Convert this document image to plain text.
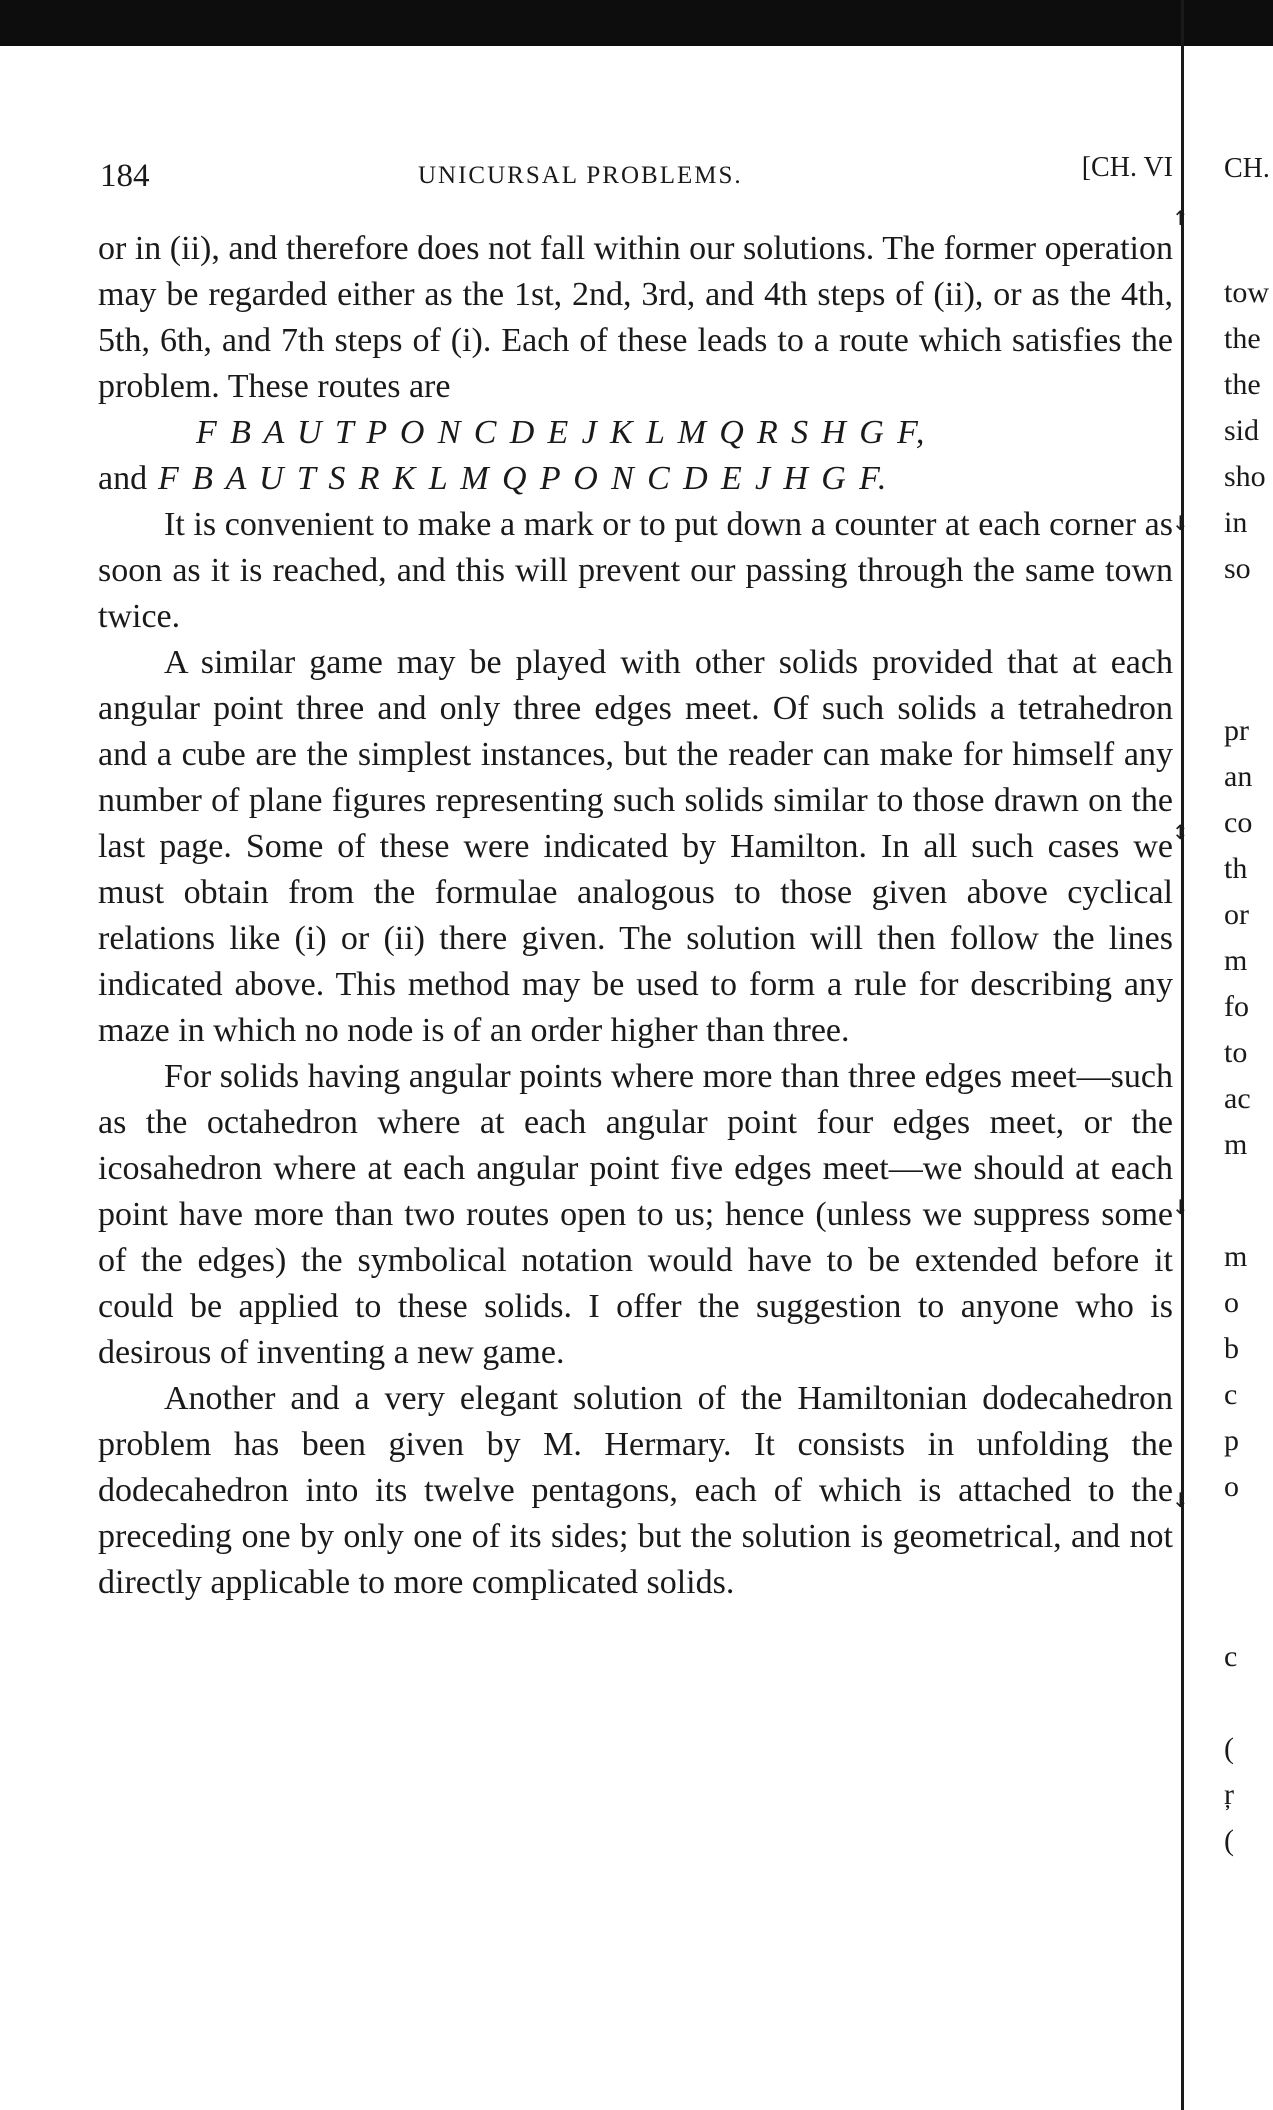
↑
↓
↕
↓
↓
184	UNICURSAL PROBLEMS.	[CH. VI

or in (ii), and therefore does not fall within our solutions. The former operation may be regarded either as the 1st, 2nd, 3rd, and 4th steps of (ii), or as the 4th, 5th, 6th, and 7th steps of (i). Each of these leads to a route which satisfies the problem. These routes are

F B A U T P O N C D E J K L M Q R S H G F,
and F B A U T S R K L M Q P O N C D E J H G F.

It is convenient to make a mark or to put down a counter at each corner as soon as it is reached, and this will prevent our passing through the same town twice.

A similar game may be played with other solids provided that at each angular point three and only three edges meet. Of such solids a tetrahedron and a cube are the simplest instances, but the reader can make for himself any number of plane figures representing such solids similar to those drawn on the last page. Some of these were indicated by Hamilton. In all such cases we must obtain from the formulae analogous to those given above cyclical relations like (i) or (ii) there given. The solution will then follow the lines indicated above. This method may be used to form a rule for describing any maze in which no node is of an order higher than three.

For solids having angular points where more than three edges meet—such as the octahedron where at each angular point four edges meet, or the icosahedron where at each angular point five edges meet—we should at each point have more than two routes open to us; hence (unless we suppress some of the edges) the symbolical notation would have to be extended before it could be applied to these solids. I offer the suggestion to anyone who is desirous of inventing a new game.

Another and a very elegant solution of the Hamiltonian dodecahedron problem has been given by M. Hermary. It consists in unfolding the dodecahedron into its twelve pentagons, each of which is attached to the preceding one by only one of its sides; but the solution is geometrical, and not directly applicable to more complicated solids.

CH.
tow
the
the
sid
sho
in
so
pr
an
co
th
or
m
fo
to
ac
m
m
o
b
c
p
o
c
(
ŗ
(
